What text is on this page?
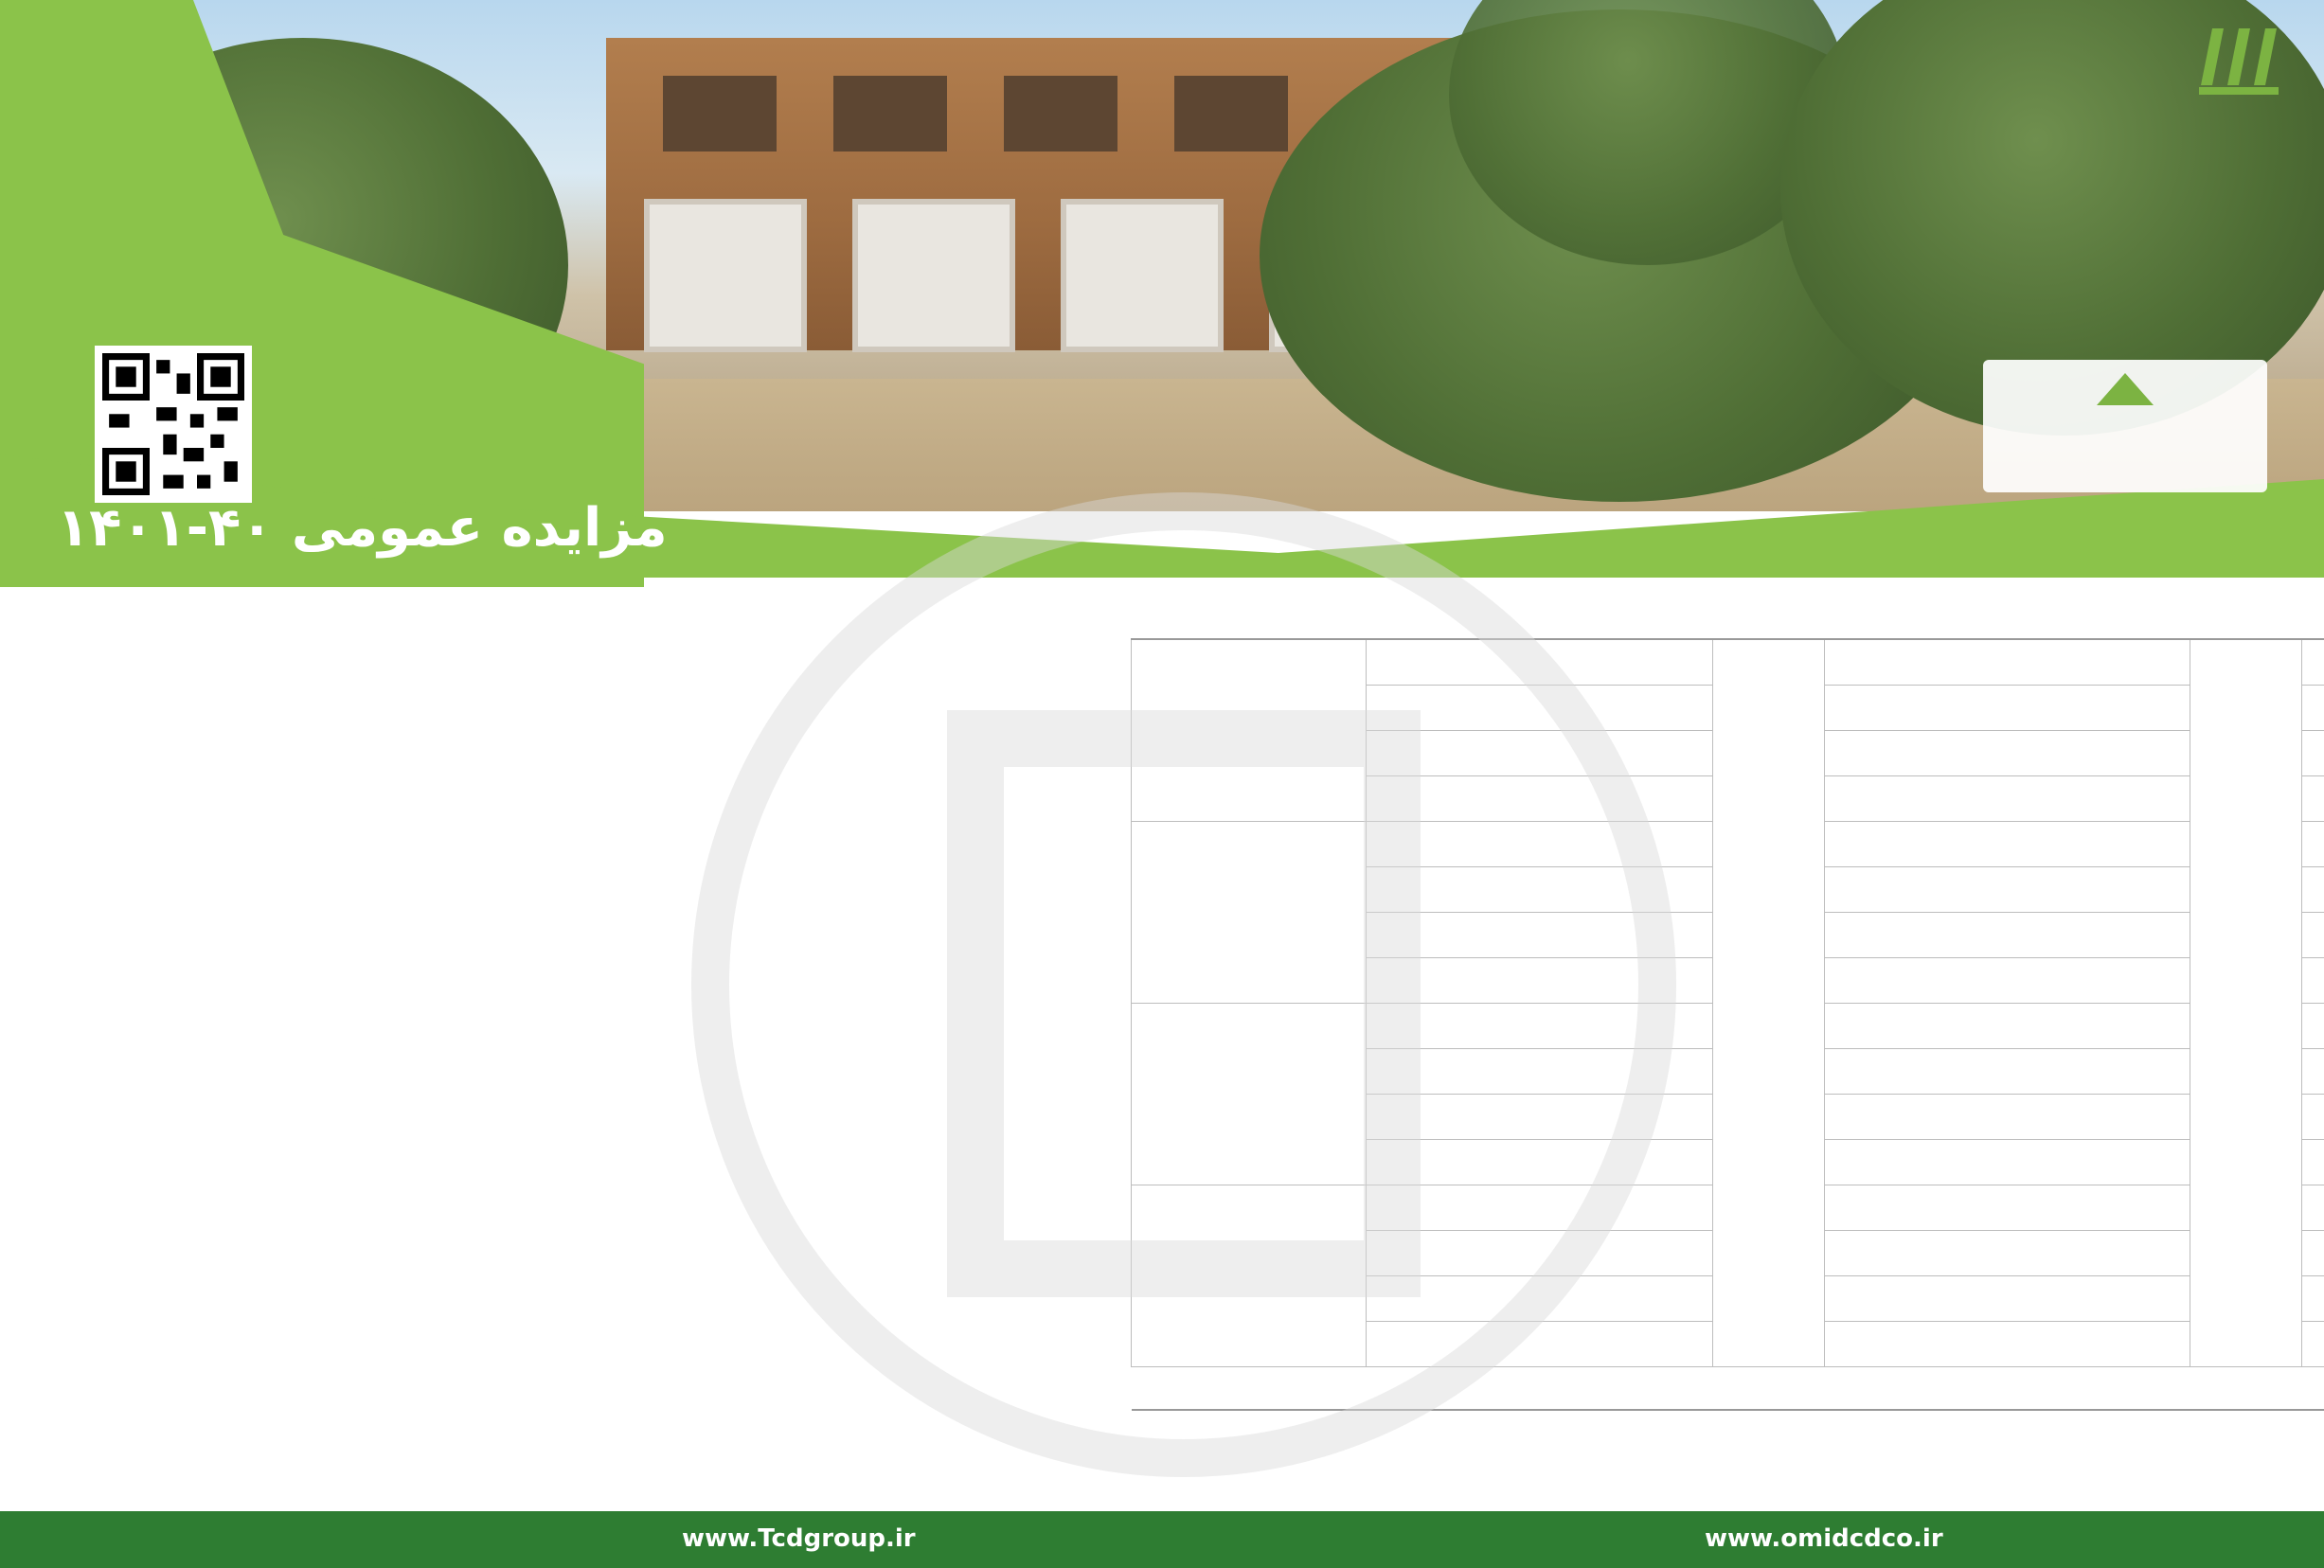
مزایده عمومی ۴۰-۱۴۰۱

www.Tcdgroup.ir	www.omidcdco.ir
